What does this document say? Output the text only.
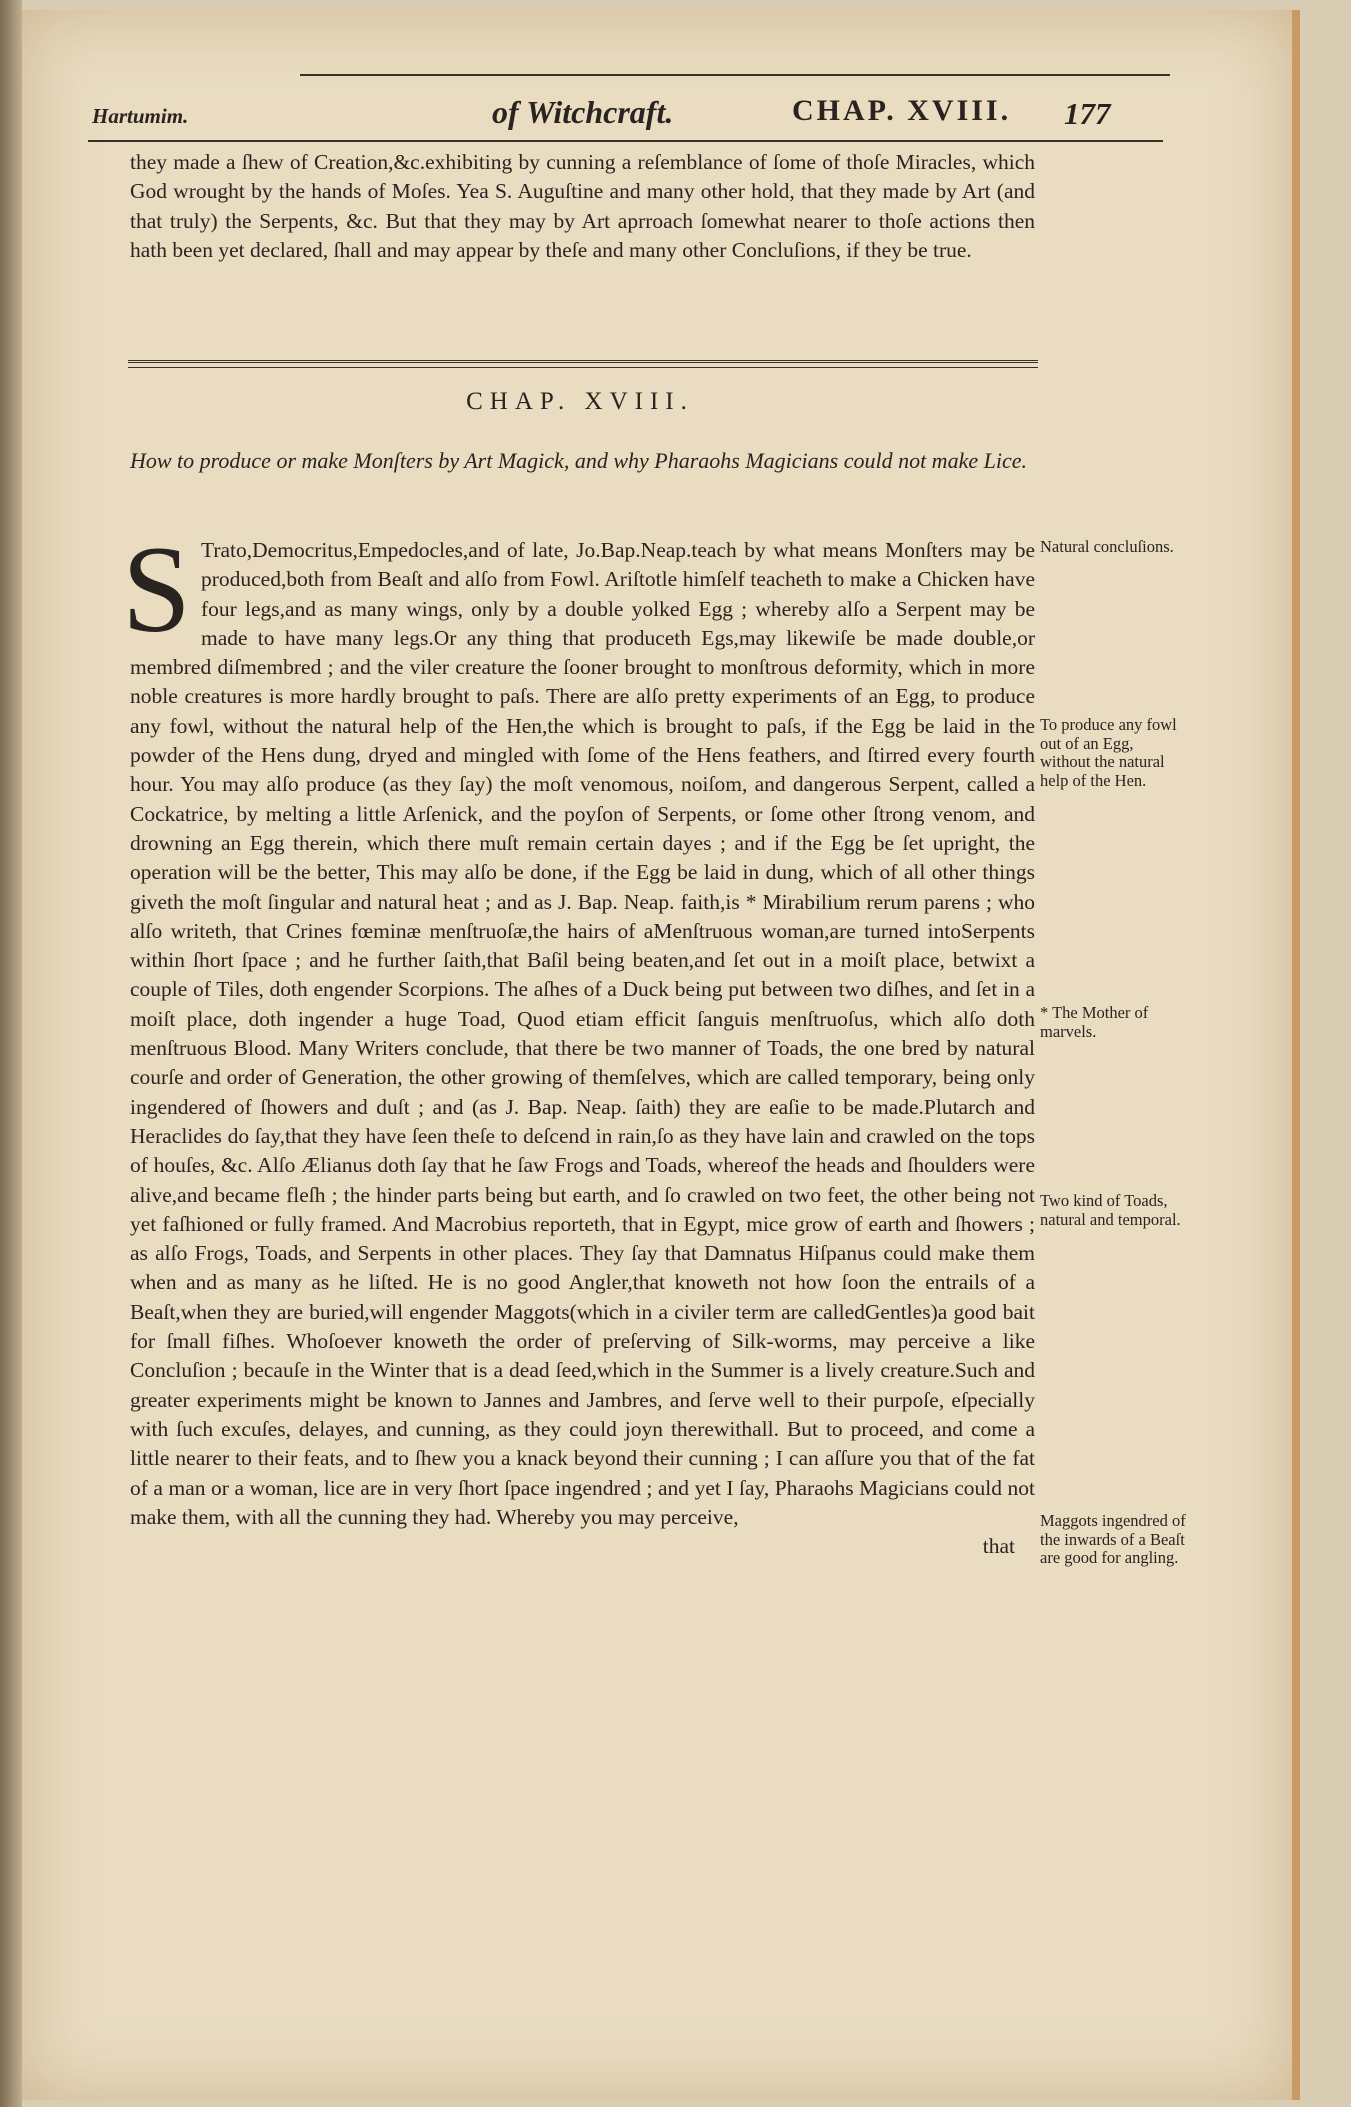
Hartumim.	of Witchcraft.	CHAP. XVIII. 177
they made a ſhew of Creation,&c.exhibiting by cunning a reſemblance of ſome of thoſe Miracles, which God wrought by the hands of Moſes. Yea S. Auguſtine and many other hold, that they made by Art (and that truly) the Serpents, &c. But that they may by Art aprroach ſomewhat nearer to thoſe actions then hath been yet declared, ſhall and may appear by theſe and many other Concluſions, if they be true.
CHAP. XVIII.
How to produce or make Monſters by Art Magick, and why Pharaohs Magicians could not make Lice.
S Trato,Democritus,Empedocles,and of late, Jo.Bap.Neap.teach by what means Monſters may be produced,both from Beaſt and alſo from Fowl. Ariſtotle himſelf teacheth to make a Chicken have four legs,and as many wings, only by a double yolked Egg ; whereby alſo a Serpent may be made to have many legs.Or any thing that produceth Egs,may likewiſe be made double,or membred diſmembred ; and the viler creature the ſooner brought to monſtrous deformity, which in more noble creatures is more hardly brought to paſs. There are alſo pretty experiments of an Egg, to produce any fowl, without the natural help of the Hen,the which is brought to paſs, if the Egg be laid in the powder of the Hens dung, dryed and mingled with ſome of the Hens feathers, and ſtirred every fourth hour. You may alſo produce (as they ſay) the moſt venomous, noiſom, and dangerous Serpent, called a Cockatrice, by melting a little Arſenick, and the poyſon of Serpents, or ſome other ſtrong venom, and drowning an Egg therein, which there muſt remain certain dayes ; and if the Egg be ſet upright, the operation will be the better, This may alſo be done, if the Egg be laid in dung, which of all other things giveth the moſt ſingular and natural heat ; and as J. Bap. Neap. faith,is * Mirabilium rerum parens ; who alſo writeth, that Crines fœminæ menſtruoſæ,the hairs of aMenſtruous woman,are turned intoSerpents within ſhort ſpace ; and he further ſaith,that Baſil being beaten,and ſet out in a moiſt place, betwixt a couple of Tiles, doth engender Scorpions. The aſhes of a Duck being put between two diſhes, and ſet in a moiſt place, doth ingender a huge Toad, Quod etiam efficit ſanguis menſtruoſus, which alſo doth menſtruous Blood. Many Writers conclude, that there be two manner of Toads, the one bred by natural courſe and order of Generation, the other growing of themſelves, which are called temporary, being only ingendered of ſhowers and duſt ; and (as J. Bap. Neap. ſaith) they are eaſie to be made.Plutarch and Heraclides do ſay,that they have ſeen theſe to deſcend in rain,ſo as they have lain and crawled on the tops of houſes, &c. Alſo Ælianus doth ſay that he ſaw Frogs and Toads, whereof the heads and ſhoulders were alive,and became fleſh ; the hinder parts being but earth, and ſo crawled on two feet, the other being not yet faſhioned or fully framed. And Macrobius reporteth, that in Egypt, mice grow of earth and ſhowers ; as alſo Frogs, Toads, and Serpents in other places. They ſay that Damnatus Hiſpanus could make them when and as many as he liſted. He is no good Angler,that knoweth not how ſoon the entrails of a Beaſt,when they are buried,will engender Maggots(which in a civiler term are calledGentles)a good bait for ſmall fiſhes. Whoſoever knoweth the order of preſerving of Silk-worms, may perceive a like Concluſion ; becauſe in the Winter that is a dead ſeed,which in the Summer is a lively creature.Such and greater experiments might be known to Jannes and Jambres, and ſerve well to their purpoſe, eſpecially with ſuch excuſes, delayes, and cunning, as they could joyn therewithall. But to proceed, and come a little nearer to their feats, and to ſhew you a knack beyond their cunning ; I can aſſure you that of the fat of a man or a woman, lice are in very ſhort ſpace ingendred ; and yet I ſay, Pharaohs Magicians could not make them, with all the cunning they had. Whereby you may perceive,
that
Natural concluſions.
To produce any fowl out of an Egg, without the natural help of the Hen.
* The Mother of marvels.
Two kind of Toads, natural and temporal.
Maggots ingendred of the inwards of a Beaſt are good for angling.
